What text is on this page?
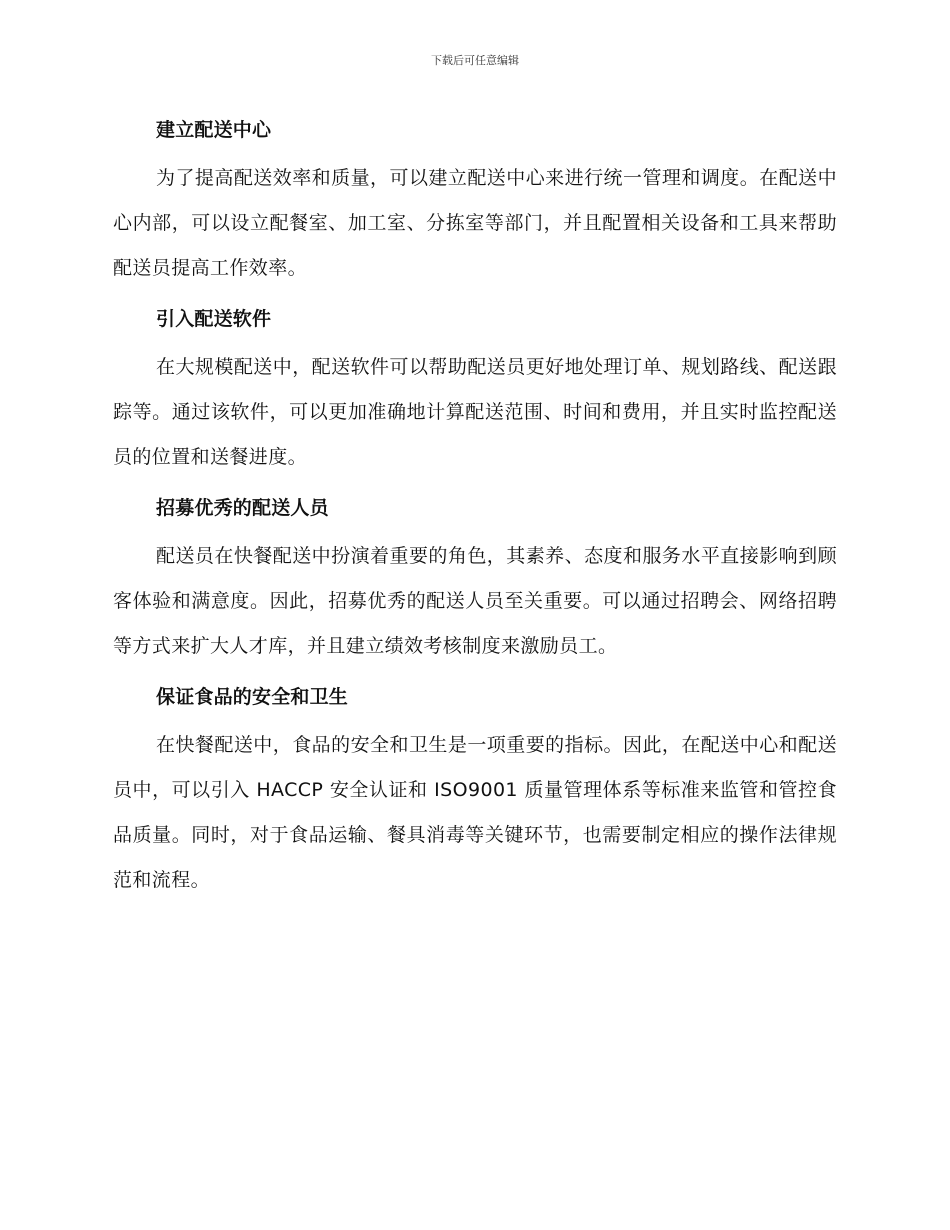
下载后可任意编辑
建立配送中心

为了提高配送效率和质量，可以建立配送中心来进行统一管理和调度。在配送中心内部，可以设立配餐室、加工室、分拣室等部门，并且配置相关设备和工具来帮助配送员提高工作效率。

引入配送软件

在大规模配送中，配送软件可以帮助配送员更好地处理订单、规划路线、配送跟踪等。通过该软件，可以更加准确地计算配送范围、时间和费用，并且实时监控配送员的位置和送餐进度。

招募优秀的配送人员

配送员在快餐配送中扮演着重要的角色，其素养、态度和服务水平直接影响到顾客体验和满意度。因此，招募优秀的配送人员至关重要。可以通过招聘会、网络招聘等方式来扩大人才库，并且建立绩效考核制度来激励员工。

保证食品的安全和卫生

在快餐配送中，食品的安全和卫生是一项重要的指标。因此，在配送中心和配送员中，可以引入 HACCP 安全认证和 ISO9001 质量管理体系等标准来监管和管控食品质量。同时，对于食品运输、餐具消毒等关键环节，也需要制定相应的操作法律规范和流程。
